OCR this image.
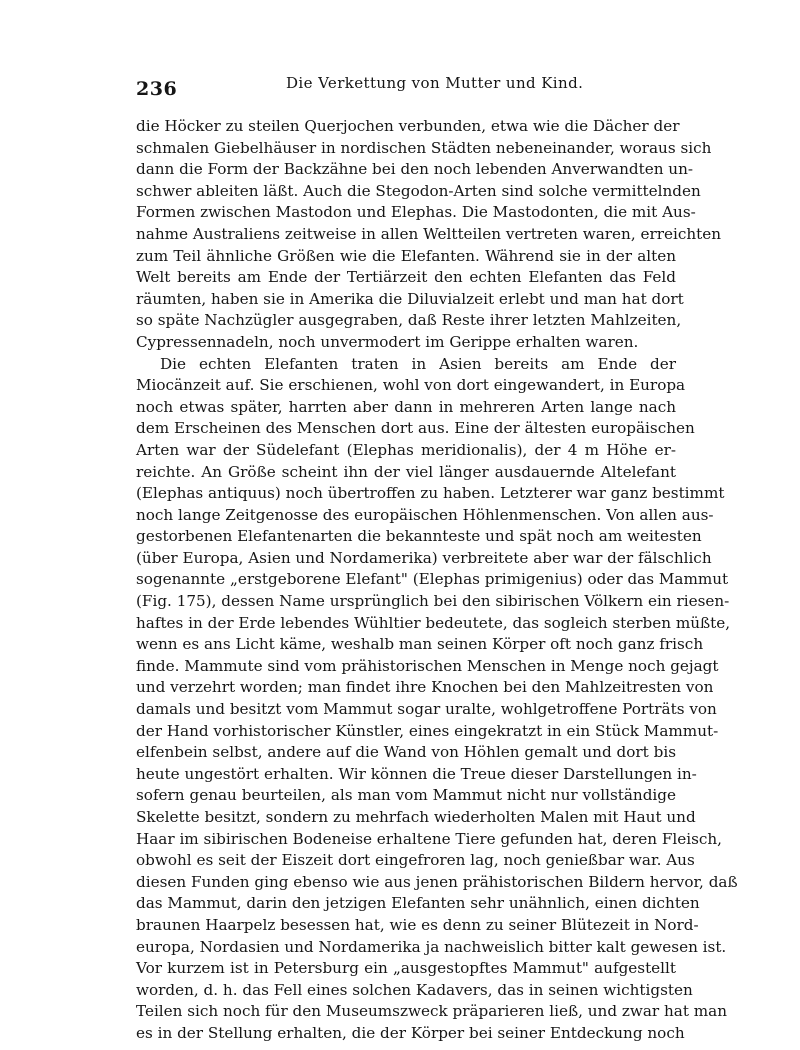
236	Die Verkettung von Mutter und Kind.
die Höcker zu steilen Querjochen verbunden, etwa wie die Dächer der
schmalen Giebelhäuser in nordischen Städten nebeneinander, woraus sich
dann die Form der Backzähne bei den noch lebenden Anverwandten un-
schwer ableiten läßt. Auch die Stegodon-Arten sind solche vermittelnden
Formen zwischen Mastodon und Elephas. Die Mastodonten, die mit Aus-
nahme Australiens zeitweise in allen Weltteilen vertreten waren, erreichten
zum Teil ähnliche Größen wie die Elefanten. Während sie in der alten
Welt bereits am Ende der Tertiärzeit den echten Elefanten das Feld
räumten, haben sie in Amerika die Diluvialzeit erlebt und man hat dort
so späte Nachzügler ausgegraben, daß Reste ihrer letzten Mahlzeiten,
Cypressennadeln, noch unvermodert im Gerippe erhalten waren.
Die echten Elefanten traten in Asien bereits am Ende der
Miocänzeit auf. Sie erschienen, wohl von dort eingewandert, in Europa
noch etwas später, harrten aber dann in mehreren Arten lange nach
dem Erscheinen des Menschen dort aus. Eine der ältesten europäischen
Arten war der Südelefant (Elephas meridionalis), der 4 m Höhe er-
reichte. An Größe scheint ihn der viel länger ausdauernde Altelefant
(Elephas antiquus) noch übertroffen zu haben. Letzterer war ganz bestimmt
noch lange Zeitgenosse des europäischen Höhlenmenschen. Von allen aus-
gestorbenen Elefantenarten die bekannteste und spät noch am weitesten
(über Europa, Asien und Nordamerika) verbreitete aber war der fälschlich
sogenannte „erstgeborene Elefant" (Elephas primigenius) oder das Mammut
(Fig. 175), dessen Name ursprünglich bei den sibirischen Völkern ein riesen-
haftes in der Erde lebendes Wühltier bedeutete, das sogleich sterben müßte,
wenn es ans Licht käme, weshalb man seinen Körper oft noch ganz frisch
finde. Mammute sind vom prähistorischen Menschen in Menge noch gejagt
und verzehrt worden; man findet ihre Knochen bei den Mahlzeitresten von
damals und besitzt vom Mammut sogar uralte, wohlgetroffene Porträts von
der Hand vorhistorischer Künstler, eines eingekratzt in ein Stück Mammut-
elfenbein selbst, andere auf die Wand von Höhlen gemalt und dort bis
heute ungestört erhalten. Wir können die Treue dieser Darstellungen in-
sofern genau beurteilen, als man vom Mammut nicht nur vollständige
Skelette besitzt, sondern zu mehrfach wiederholten Malen mit Haut und
Haar im sibirischen Bodeneise erhaltene Tiere gefunden hat, deren Fleisch,
obwohl es seit der Eiszeit dort eingefroren lag, noch genießbar war. Aus
diesen Funden ging ebenso wie aus jenen prähistorischen Bildern hervor, daß
das Mammut, darin den jetzigen Elefanten sehr unähnlich, einen dichten
braunen Haarpelz besessen hat, wie es denn zu seiner Blütezeit in Nord-
europa, Nordasien und Nordamerika ja nachweislich bitter kalt gewesen ist.
Vor kurzem ist in Petersburg ein „ausgestopftes Mammut" aufgestellt
worden, d. h. das Fell eines solchen Kadavers, das in seinen wichtigsten
Teilen sich noch für den Museumszweck präparieren ließ, und zwar hat man
es in der Stellung erhalten, die der Körper bei seiner Entdeckung noch
